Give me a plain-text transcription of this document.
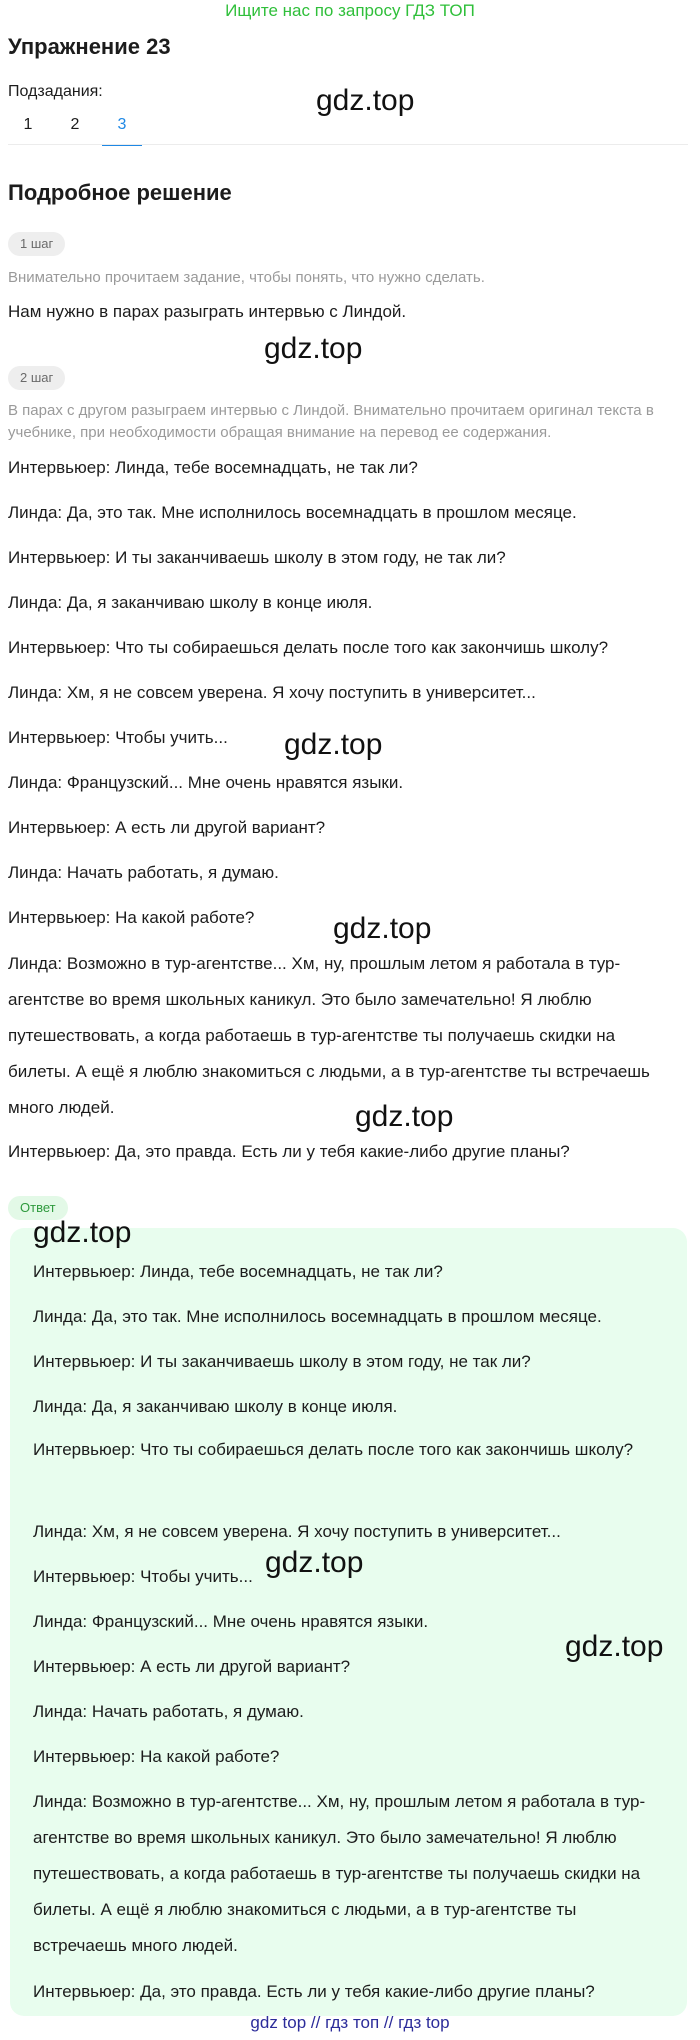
Ищите нас по запросу ГДЗ ТОП
Упражнение 23
Подзадания:
1	2	3
Подробное решение
1 шаг
Внимательно прочитаем задание, чтобы понять, что нужно сделать.
Нам нужно в парах разыграть интервью с Линдой.
2 шаг
В парах с другом разыграем интервью с Линдой. Внимательно прочитаем оригинал текста в учебнике, при необходимости обращая внимание на перевод ее содержания.
Интервьюер: Линда, тебе восемнадцать, не так ли?
Линда: Да, это так. Мне исполнилось восемнадцать в прошлом месяце.
Интервьюер: И ты заканчиваешь школу в этом году, не так ли?
Линда: Да, я заканчиваю школу в конце июля.
Интервьюер: Что ты собираешься делать после того как закончишь школу?
Линда: Хм, я не совсем уверена. Я хочу поступить в университет...
Интервьюер: Чтобы учить...
Линда: Французский... Мне очень нравятся языки.
Интервьюер: А есть ли другой вариант?
Линда: Начать работать, я думаю.
Интервьюер: На какой работе?
Линда: Возможно в тур-агентстве... Хм, ну, прошлым летом я работала в тур-агентстве во время школьных каникул. Это было замечательно! Я люблю путешествовать, а когда работаешь в тур-агентстве ты получаешь скидки на билеты. А ещё я люблю знакомиться с людьми, а в тур-агентстве ты встречаешь много людей.
Интервьюер: Да, это правда. Есть ли у тебя какие-либо другие планы?
Ответ
Интервьюер: Линда, тебе восемнадцать, не так ли?
Линда: Да, это так. Мне исполнилось восемнадцать в прошлом месяце.
Интервьюер: И ты заканчиваешь школу в этом году, не так ли?
Линда: Да, я заканчиваю школу в конце июля.
Интервьюер: Что ты собираешься делать после того как закончишь школу?
Линда: Хм, я не совсем уверена. Я хочу поступить в университет...
Интервьюер: Чтобы учить...
Линда: Французский... Мне очень нравятся языки.
Интервьюер: А есть ли другой вариант?
Линда: Начать работать, я думаю.
Интервьюер: На какой работе?
Линда: Возможно в тур-агентстве... Хм, ну, прошлым летом я работала в тур-агентстве во время школьных каникул. Это было замечательно! Я люблю путешествовать, а когда работаешь в тур-агентстве ты получаешь скидки на билеты. А ещё я люблю знакомиться с людьми, а в тур-агентстве ты встречаешь много людей.
Интервьюер: Да, это правда. Есть ли у тебя какие-либо другие планы?
gdz.top
gdz.top
gdz.top
gdz.top
gdz.top
gdz.top
gdz.top
gdz.top
gdz top // гдз топ // гдз top
